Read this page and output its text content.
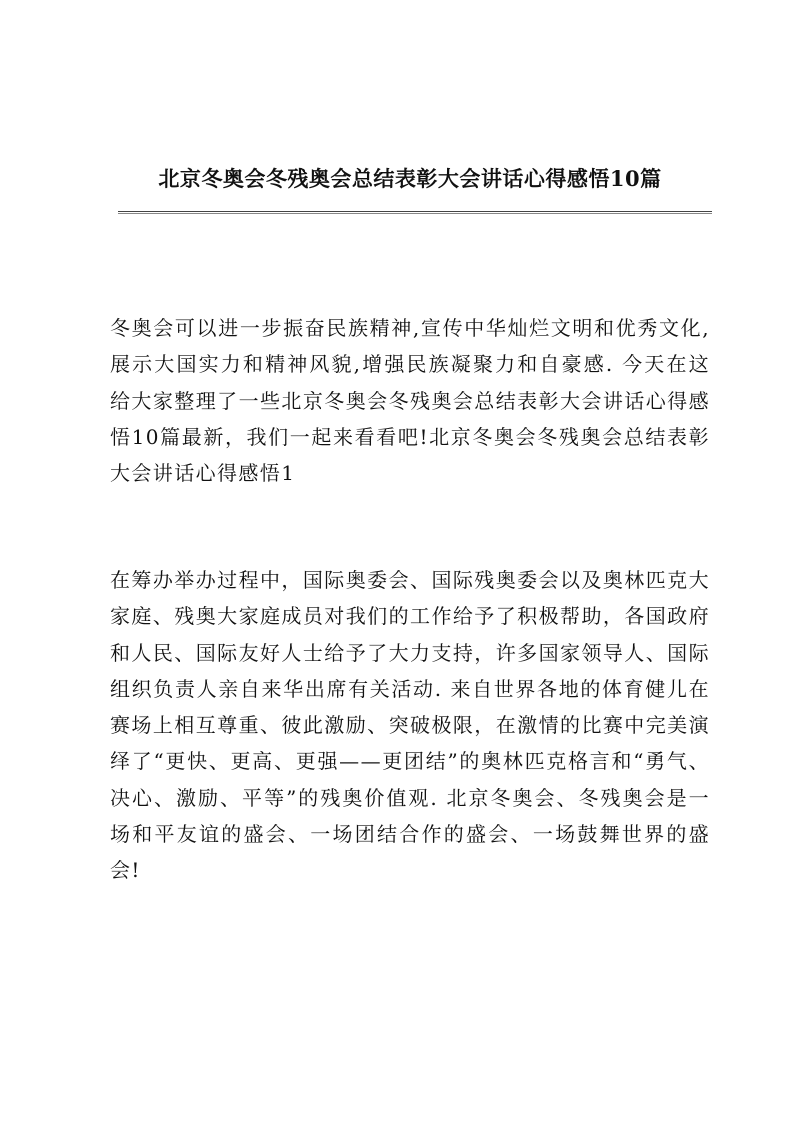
北京冬奥会冬残奥会总结表彰大会讲话心得感悟10篇

冬奥会可以进一步振奋民族精神,宣传中华灿烂文明和优秀文化,展示大国实力和精神风貌,增强民族凝聚力和自豪感. 今天在这给大家整理了一些北京冬奥会冬残奥会总结表彰大会讲话心得感悟10篇最新，我们一起来看看吧!北京冬奥会冬残奥会总结表彰大会讲话心得感悟1

在筹办举办过程中，国际奥委会、国际残奥委会以及奥林匹克大家庭、残奥大家庭成员对我们的工作给予了积极帮助，各国政府和人民、国际友好人士给予了大力支持，许多国家领导人、国际组织负责人亲自来华出席有关活动. 来自世界各地的体育健儿在赛场上相互尊重、彼此激励、突破极限，在激情的比赛中完美演绎了“更快、更高、更强——更团结”的奥林匹克格言和“勇气、决心、激励、平等”的残奥价值观. 北京冬奥会、冬残奥会是一场和平友谊的盛会、一场团结合作的盛会、一场鼓舞世界的盛会!
